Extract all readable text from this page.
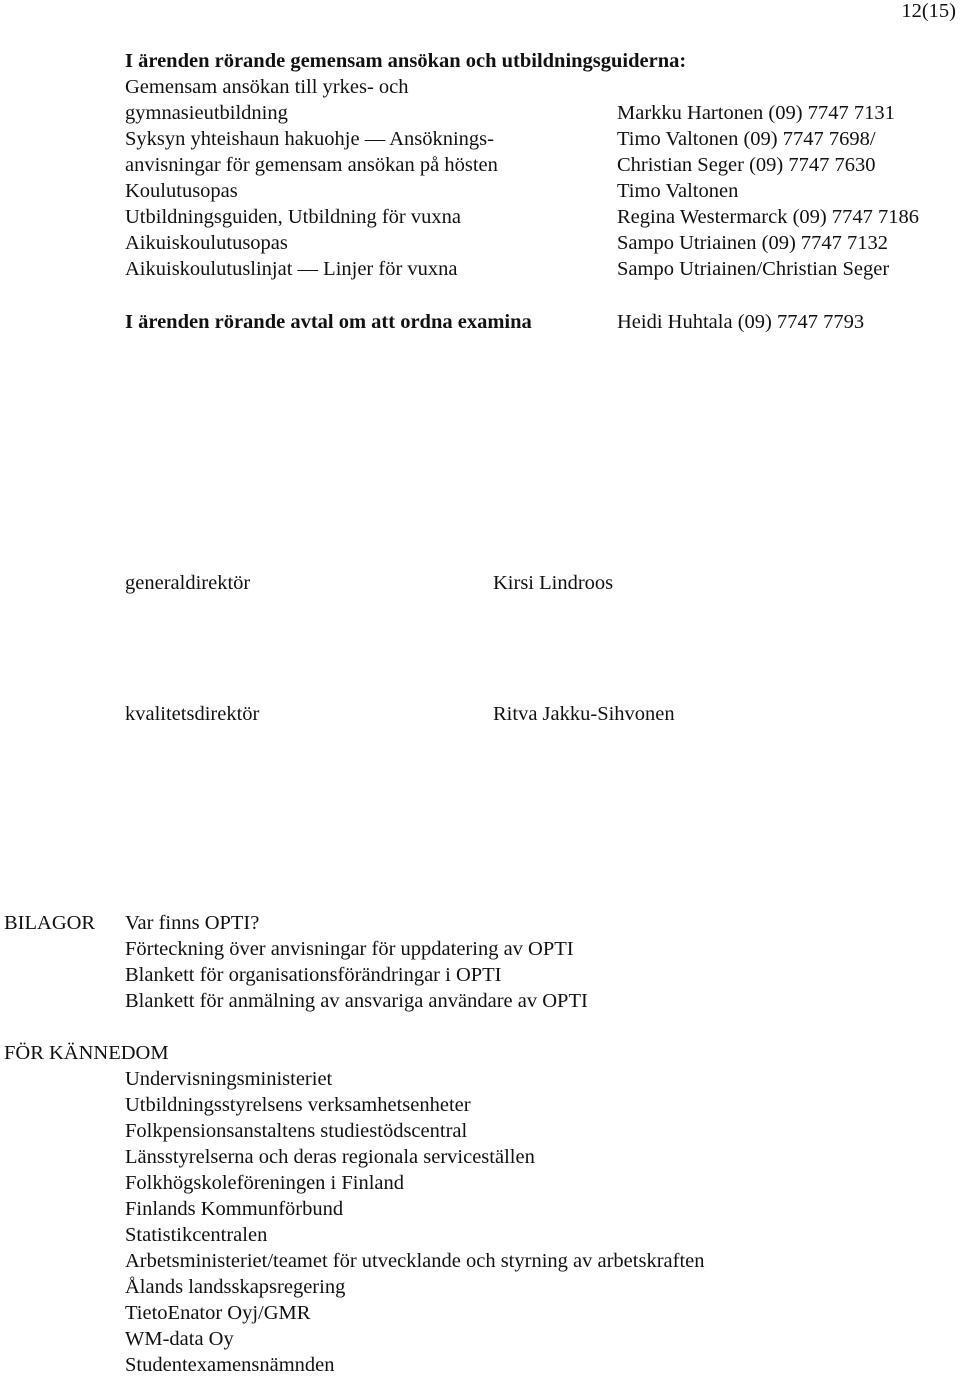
12(15)
I ärenden rörande gemensam ansökan och utbildningsguiderna:
Gemensam ansökan till yrkes- och
gymnasieutbildning	Markku Hartonen (09) 7747 7131
Syksyn yhteishaun hakuohje — Ansöknings-	Timo Valtonen (09) 7747 7698/
anvisningar för gemensam ansökan på hösten	Christian Seger (09) 7747 7630
Koulutusopas	Timo Valtonen
Utbildningsguiden, Utbildning för vuxna	Regina Westermarck (09) 7747 7186
Aikuiskoulutusopas	Sampo Utriainen (09) 7747 7132
Aikuiskoulutuslinjat — Linjer för vuxna	Sampo Utriainen/Christian Seger
I ärenden rörande avtal om att ordna examina	Heidi Huhtala (09) 7747 7793
generaldirektör	Kirsi Lindroos
kvalitetsdirektör	Ritva Jakku-Sihvonen
BILAGOR Var finns OPTI?
Förteckning över anvisningar för uppdatering av OPTI
Blankett för organisationsförändringar i OPTI
Blankett för anmälning av ansvariga användare av OPTI
FÖR KÄNNEDOM
Undervisningsministeriet
Utbildningsstyrelsens verksamhetsenheter
Folkpensionsanstaltens studiestödscentral
Länsstyrelserna och deras regionala serviceställen
Folkhögskoleföreningen i Finland
Finlands Kommunförbund
Statistikcentralen
Arbetsministeriet/teamet för utvecklande och styrning av arbetskraften
Ålands landsskapsregering
TietoEnator Oyj/GMR
WM-data Oy
Studentexamensnämnden
